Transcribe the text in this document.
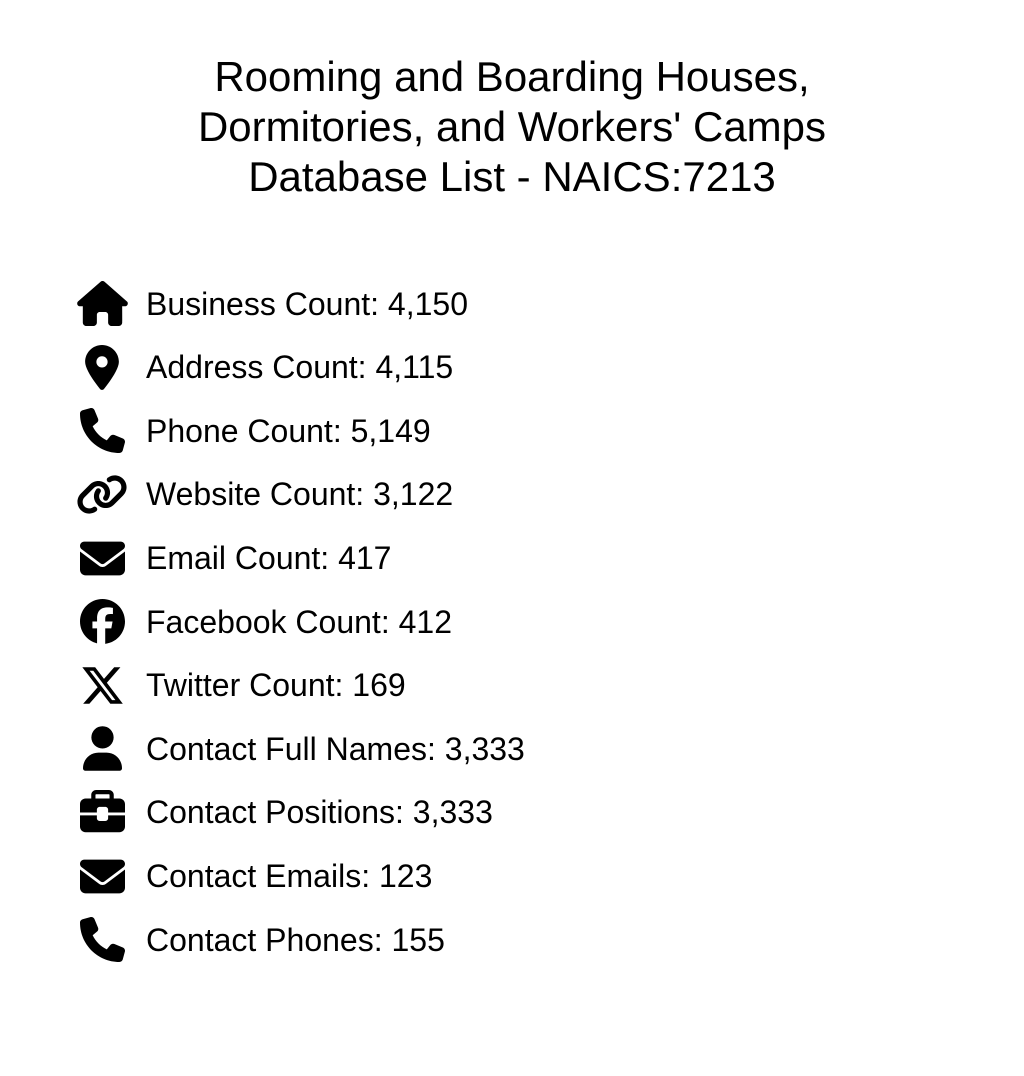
Rooming and Boarding Houses,
Dormitories, and Workers' Camps
Database List - NAICS:7213
Business Count: 4,150
Address Count: 4,115
Phone Count: 5,149
Website Count: 3,122
Email Count: 417
Facebook Count: 412
Twitter Count: 169
Contact Full Names: 3,333
Contact Positions: 3,333
Contact Emails: 123
Contact Phones: 155
